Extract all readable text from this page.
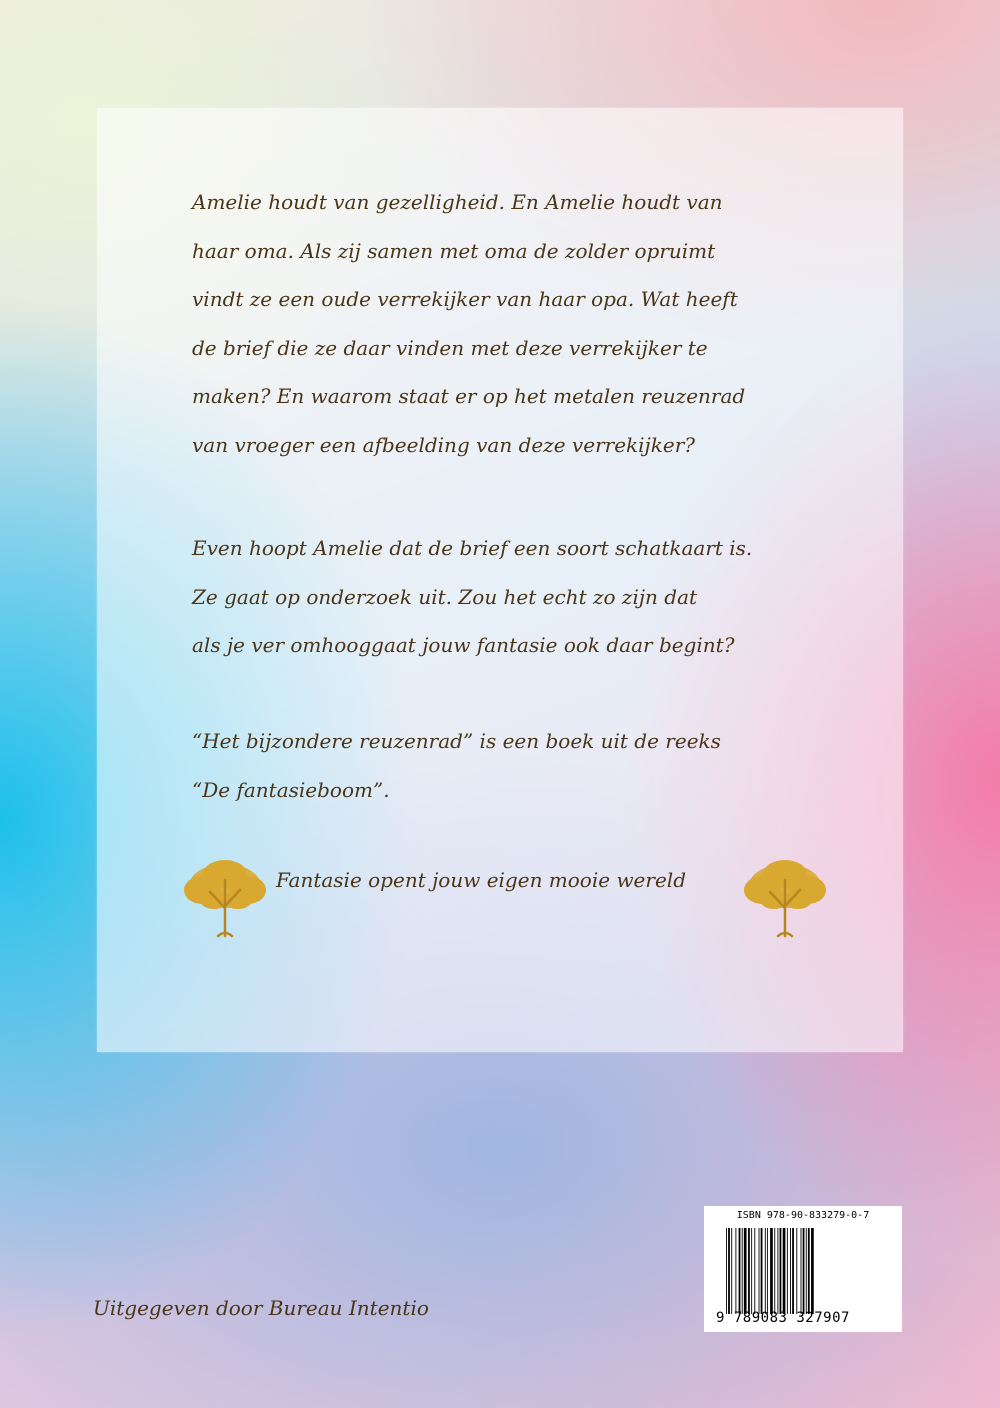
Amelie houdt van gezelligheid. En Amelie houdt van
haar oma. Als zij samen met oma de zolder opruimt
vindt ze een oude verrekijker van haar opa. Wat heeft
de brief die ze daar vinden met deze verrekijker te
maken? En waarom staat er op het metalen reuzenrad
van vroeger een afbeelding van deze verrekijker?
Even hoopt Amelie dat de brief een soort schatkaart is.
Ze gaat op onderzoek uit. Zou het echt zo zijn dat
als je ver omhooggaat jouw fantasie ook daar begint?
“Het bijzondere reuzenrad” is een boek uit de reeks
“De fantasieboom”.
Fantasie opent jouw eigen mooie wereld
Uitgegeven door Bureau Intentio
ISBN 978-90-833279-0-7
9 789083 327907
